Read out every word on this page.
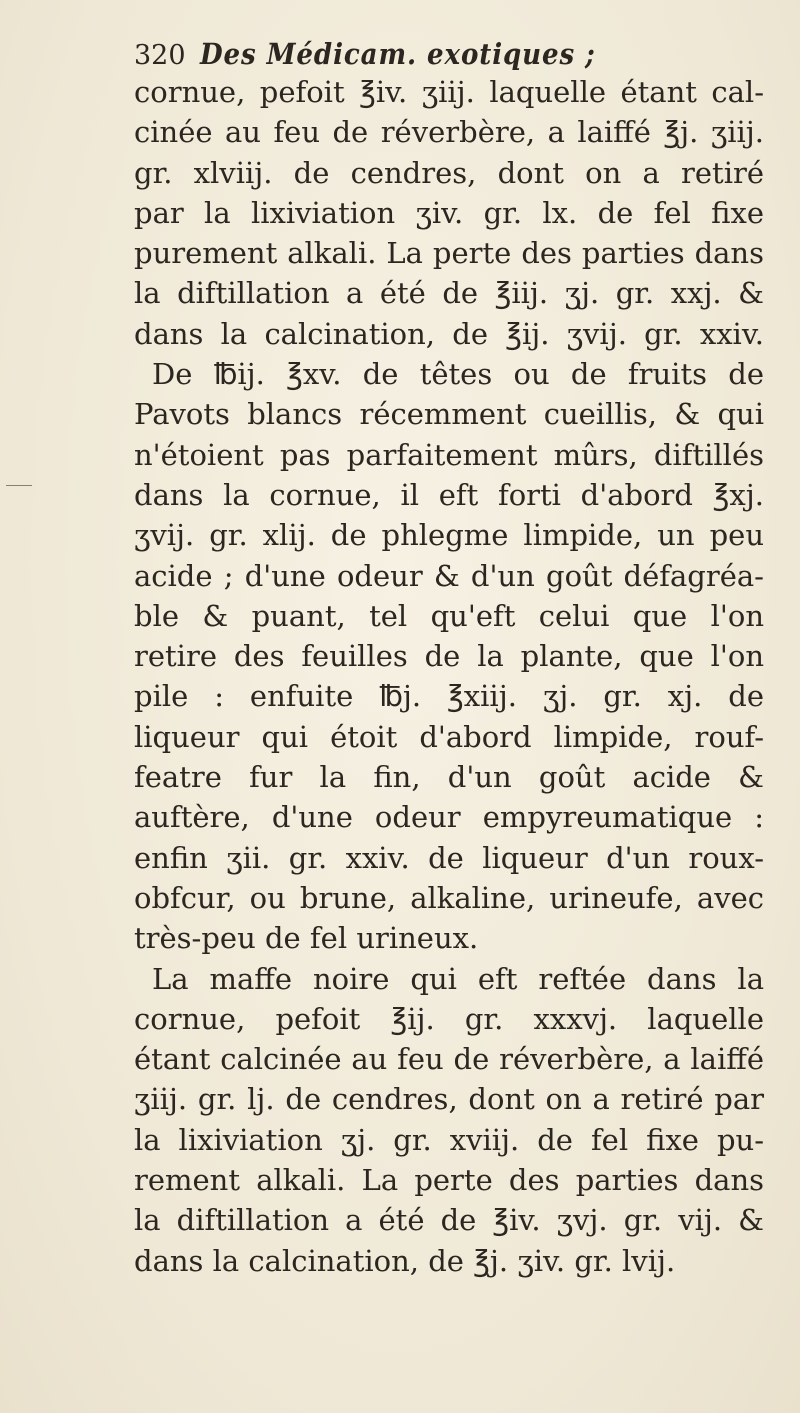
320 Des Médicam. exotiques ;
cornue, pefoit ℥iv. ʒiij. laquelle étant cal-
cinée au feu de réverbère, a laiffé ℥j. ʒiij.
gr. xlviij. de cendres, dont on a retiré
par la lixiviation ʒiv. gr. lx. de fel fixe
purement alkali. La perte des parties dans
la diftillation a été de ℥iij. ʒj. gr. xxj. &
dans la calcination, de ℥ij. ʒvij. gr. xxiv.
De ℔ij. ℥xv. de têtes ou de fruits de
Pavots blancs récemment cueillis, & qui
n'étoient pas parfaitement mûrs, diftillés
dans la cornue, il eft forti d'abord ℥xj.
ʒvij. gr. xlij. de phlegme limpide, un peu
acide ; d'une odeur & d'un goût défagréa-
ble & puant, tel qu'eft celui que l'on
retire des feuilles de la plante, que l'on
pile : enfuite ℔j. ℥xiij. ʒj. gr. xj. de
liqueur qui étoit d'abord limpide, rouf-
featre fur la fin, d'un goût acide &
auftère, d'une odeur empyreumatique :
enfin ʒii. gr. xxiv. de liqueur d'un roux-
obfcur, ou brune, alkaline, urineufe, avec
très-peu de fel urineux.
La maffe noire qui eft reftée dans la
cornue, pefoit ℥ij. gr. xxxvj. laquelle
étant calcinée au feu de réverbère, a laiffé
ʒiij. gr. lj. de cendres, dont on a retiré par
la lixiviation ʒj. gr. xviij. de fel fixe pu-
rement alkali. La perte des parties dans
la diftillation a été de ℥iv. ʒvj. gr. vij. &
dans la calcination, de ℥j. ʒiv. gr. lvij.
